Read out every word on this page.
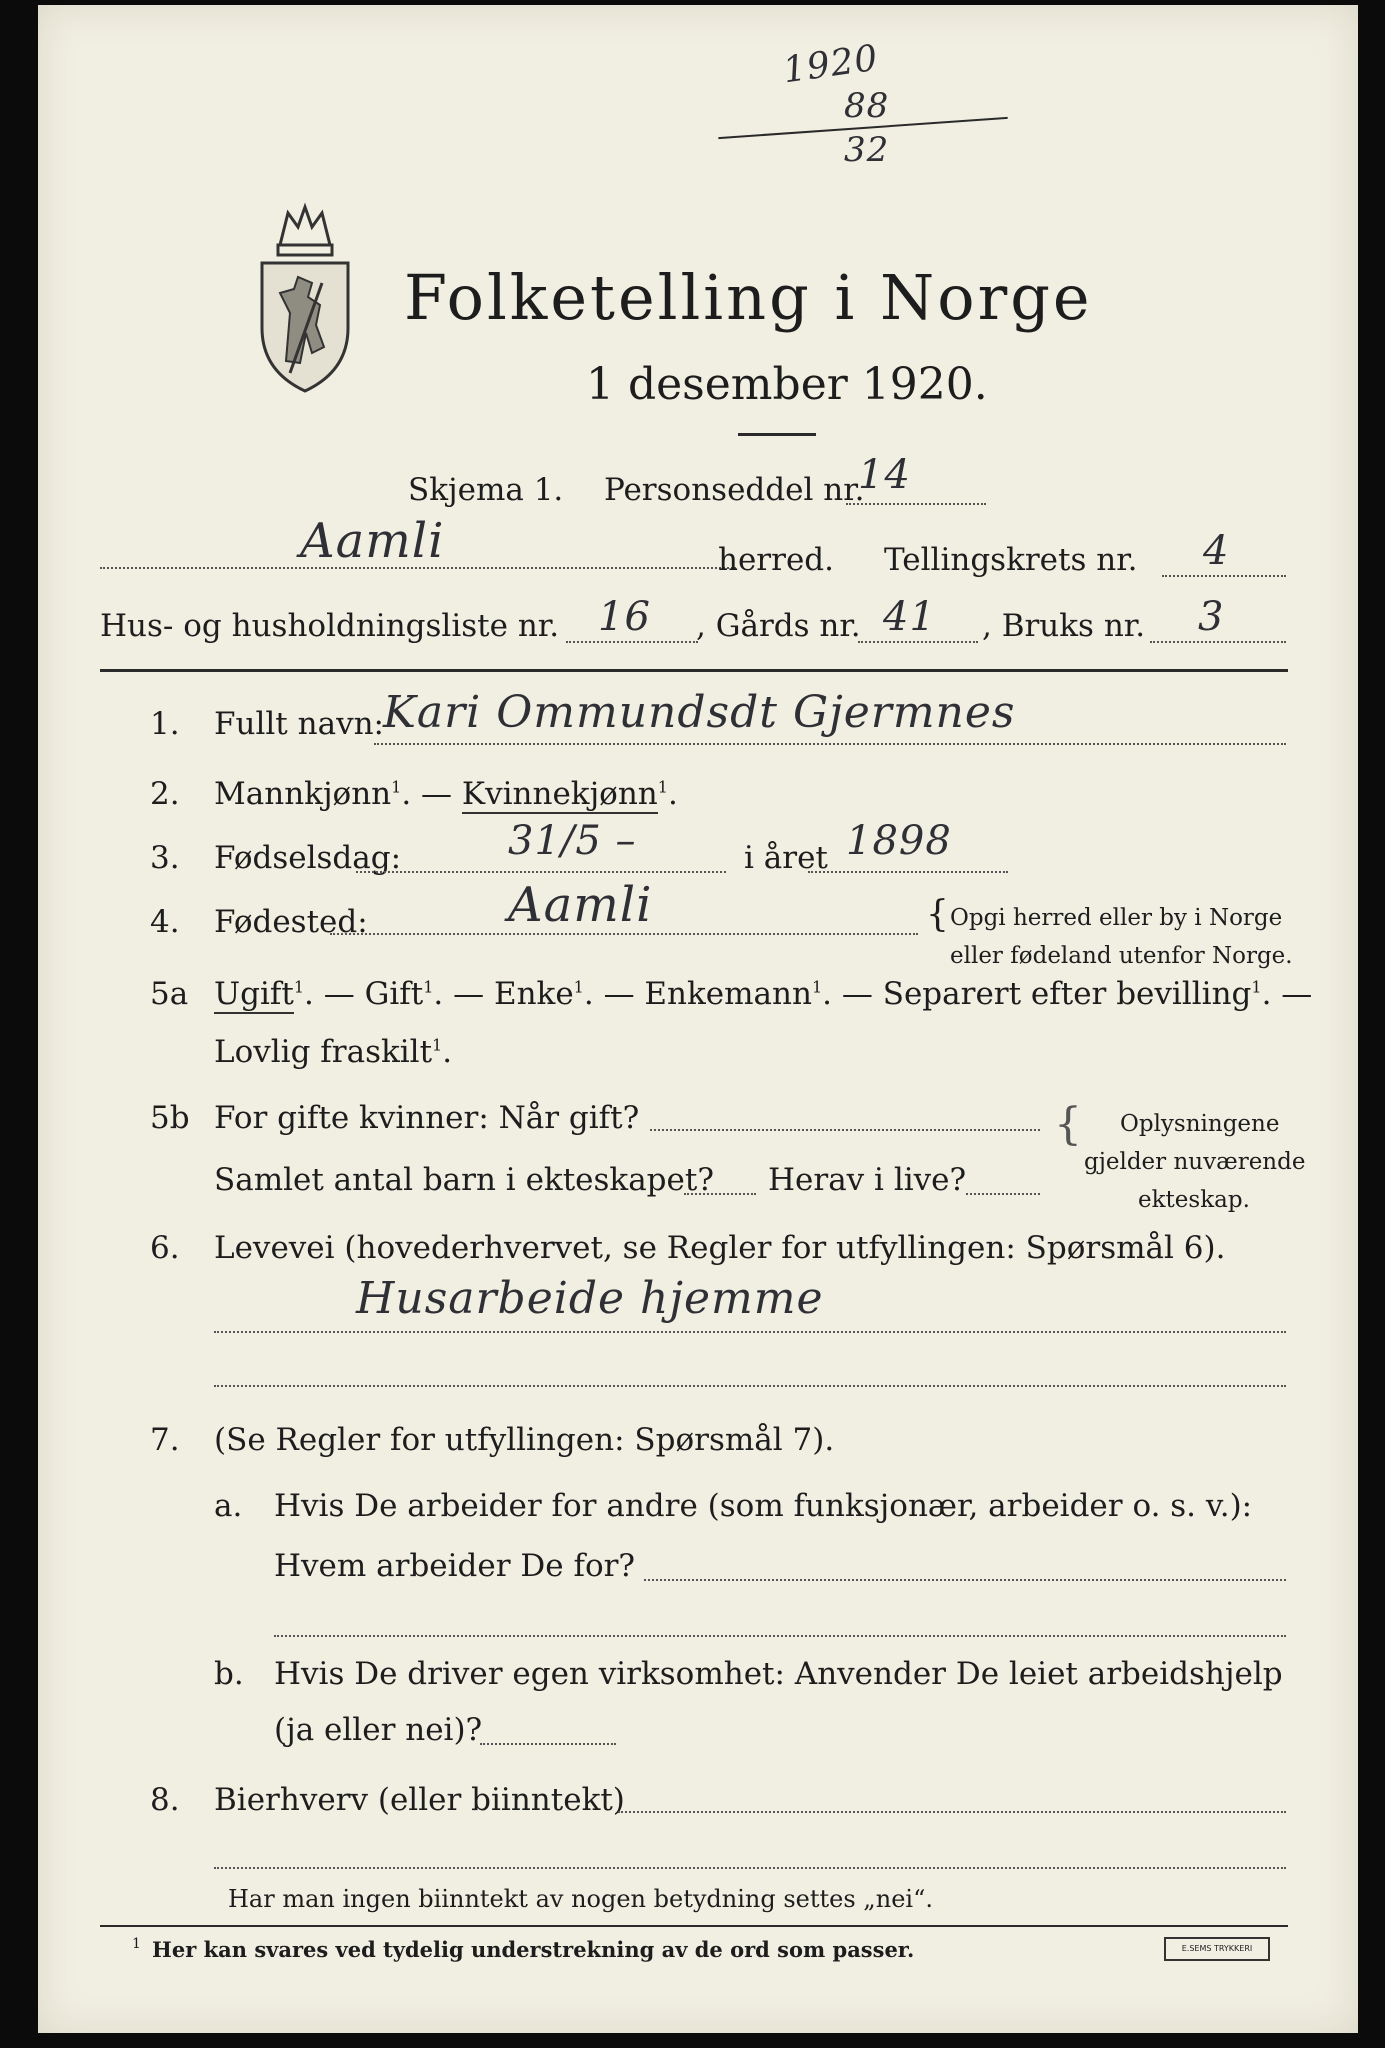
1920
88
32
Folketelling i Norge
1 desember 1920.
Skjema 1. Personseddel nr.
14
Aamli	herred. Tellingskrets nr. 4
Hus- og husholdningsliste nr. 16 , Gårds nr. 41 , Bruks nr. 3
1. Fullt navn: Kari Ommundsdt Gjermnes
2. Mannkjønn$^1$. — Kvinnekjønn$^1$.
3. Fødselsdag:	31/5 –	i året 1898
4. Fødested:	Aamli	{ Opgi herred eller by i Norge
eller fødeland utenfor Norge.
5a Ugift$^1$. — Gift$^1$. — Enke$^1$. — Enkemann$^1$. — Separert efter bevilling$^1$. —
Lovlig fraskilt$^1$.
5b For gifte kvinner: Når gift?
Samlet antal barn i ekteskapet? Herav i live?
{ Oplysningene
gjelder nuværende
ekteskap.
6. Levevei (hovederhvervet, se Regler for utfyllingen: Spørsmål 6).
Husarbeide hjemme
7. (Se Regler for utfyllingen: Spørsmål 7).
a. Hvis De arbeider for andre (som funksjonær, arbeider o. s. v.):
Hvem arbeider De for?
b. Hvis De driver egen virksomhet: Anvender De leiet arbeidshjelp
(ja eller nei)?
8. Bierhverv (eller biinntekt)
Har man ingen biinntekt av nogen betydning settes „nei“.
1 Her kan svares ved tydelig understrekning av de ord som passer.	E.SEMS TRYKKERI
